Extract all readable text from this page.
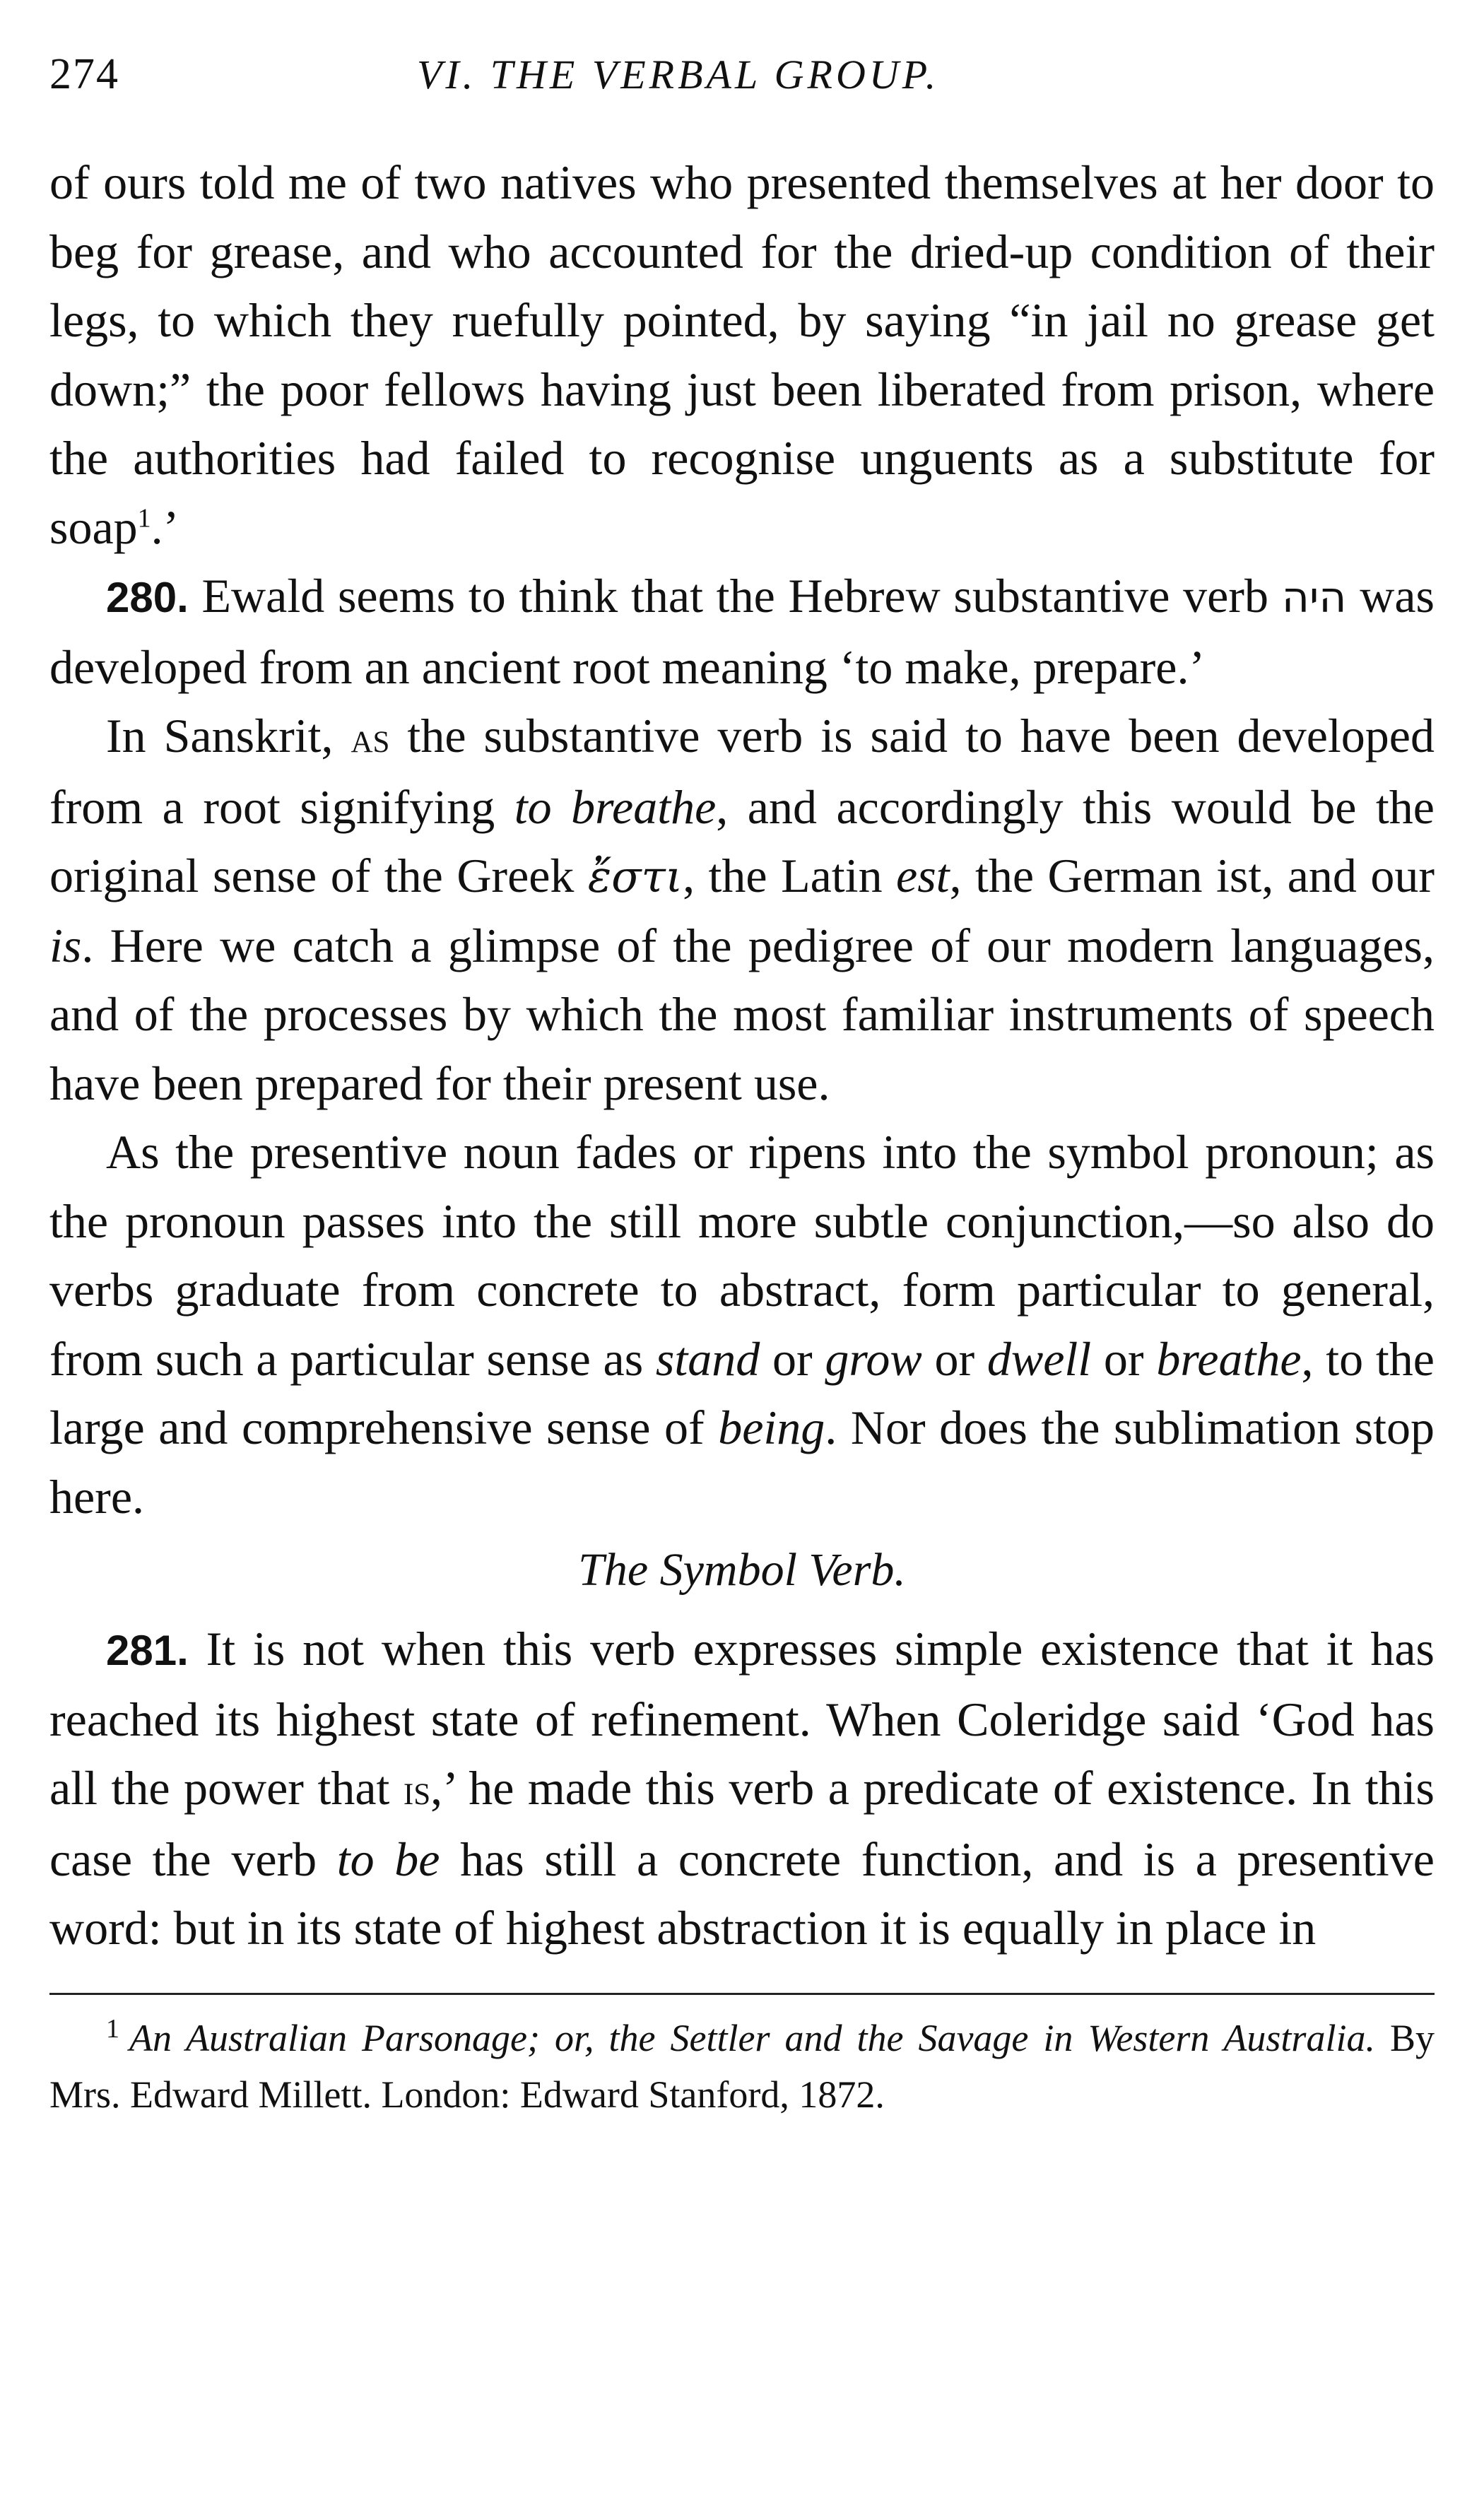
274	VI. THE VERBAL GROUP.

of ours told me of two natives who presented themselves at her door to beg for grease, and who accounted for the dried-up condition of their legs, to which they ruefully pointed, by saying “in jail no grease get down;” the poor fellows having just been liberated from prison, where the authorities had failed to recognise unguents as a substitute for soap$^1$.’

280. Ewald seems to think that the Hebrew substantive verb היה was developed from an ancient root meaning ‘to make, prepare.’

In Sanskrit, as the substantive verb is said to have been developed from a root signifying to breathe, and accordingly this would be the original sense of the Greek ἔστι, the Latin est, the German ist, and our is. Here we catch a glimpse of the pedigree of our modern languages, and of the processes by which the most familiar instruments of speech have been prepared for their present use.

As the presentive noun fades or ripens into the symbol pronoun; as the pronoun passes into the still more subtle conjunction,—so also do verbs graduate from concrete to abstract, form particular to general, from such a particular sense as stand or grow or dwell or breathe, to the large and comprehensive sense of being. Nor does the sublimation stop here.

The Symbol Verb.

281. It is not when this verb expresses simple existence that it has reached its highest state of refinement. When Coleridge said ‘God has all the power that is,’ he made this verb a predicate of existence. In this case the verb to be has still a concrete function, and is a presentive word: but in its state of highest abstraction it is equally in place in

$^1$ An Australian Parsonage; or, the Settler and the Savage in Western Australia. By Mrs. Edward Millett. London: Edward Stanford, 1872.
